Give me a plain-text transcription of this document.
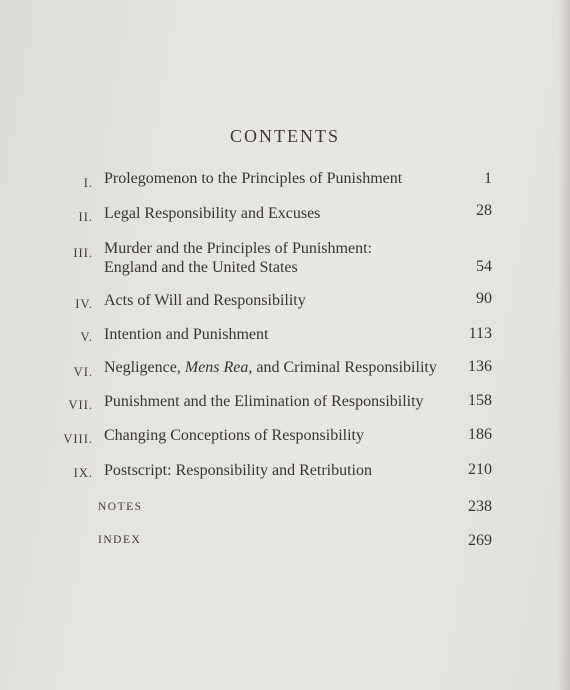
CONTENTS
I. Prolegomenon to the Principles of Punishment	1
II. Legal Responsibility and Excuses	28
III. Murder and the Principles of Punishment:
England and the United States	54
IV. Acts of Will and Responsibility	90
V. Intention and Punishment	113
VI. Negligence, Mens Rea, and Criminal Responsibility 136
VII. Punishment and the Elimination of Responsibility	158
VIII. Changing Conceptions of Responsibility	186
IX. Postscript: Responsibility and Retribution	210
NOTES	238
INDEX	269
